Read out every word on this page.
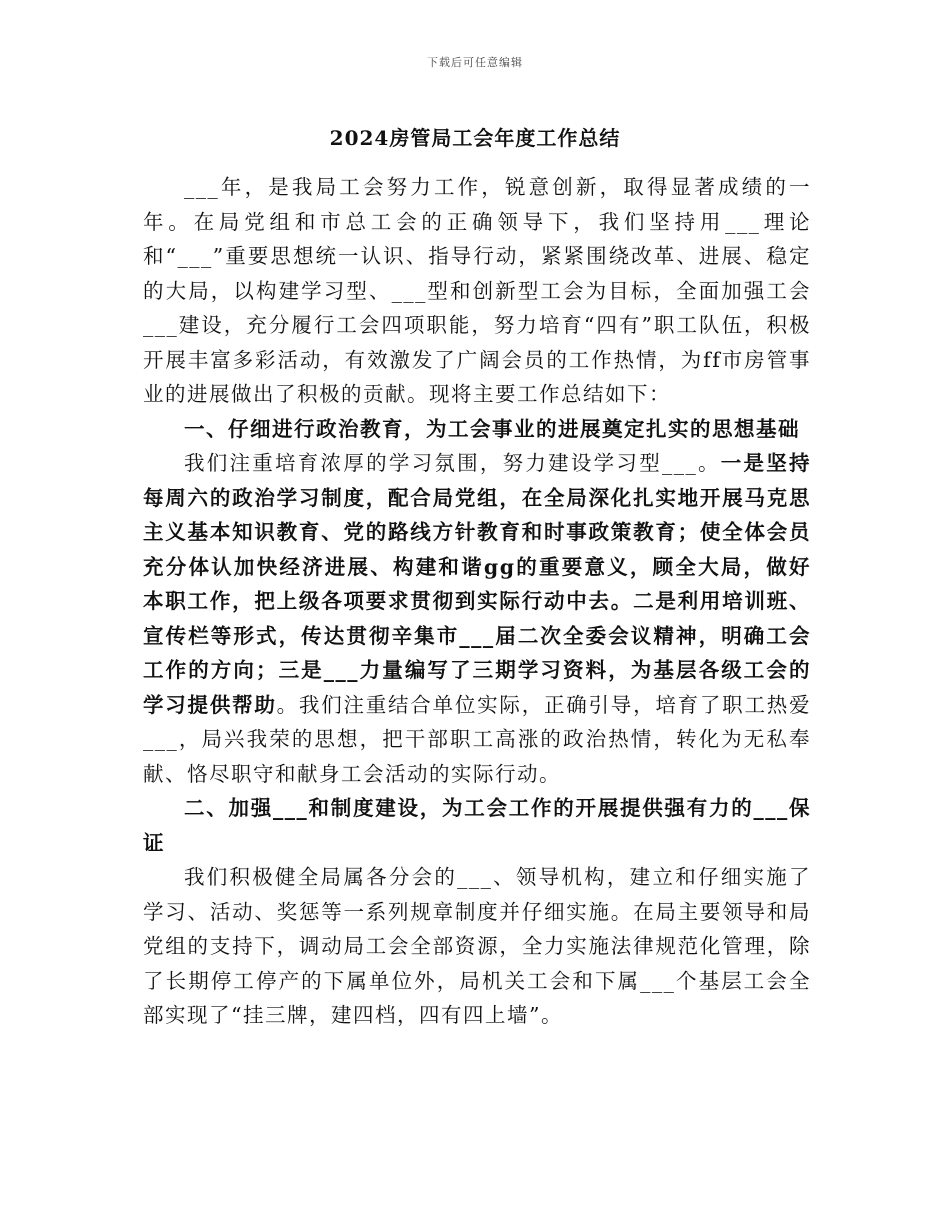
下载后可任意编辑
2024房管局工会年度工作总结

___年，是我局工会努力工作，锐意创新，取得显著成绩的一年。在局党组和市总工会的正确领导下，我们坚持用___理论和“___”重要思想统一认识、指导行动，紧紧围绕改革、进展、稳定的大局，以构建学习型、___型和创新型工会为目标，全面加强工会___建设，充分履行工会四项职能，努力培育“四有”职工队伍，积极开展丰富多彩活动，有效激发了广阔会员的工作热情，为ff市房管事业的进展做出了积极的贡献。现将主要工作总结如下：

一、仔细进行政治教育，为工会事业的进展奠定扎实的思想基础

我们注重培育浓厚的学习氛围，努力建设学习型___。一是坚持每周六的政治学习制度，配合局党组，在全局深化扎实地开展马克思主义基本知识教育、党的路线方针教育和时事政策教育；使全体会员充分体认加快经济进展、构建和谐gg的重要意义，顾全大局，做好本职工作，把上级各项要求贯彻到实际行动中去。二是利用培训班、宣传栏等形式，传达贯彻辛集市___届二次全委会议精神，明确工会工作的方向；三是___力量编写了三期学习资料，为基层各级工会的学习提供帮助。我们注重结合单位实际，正确引导，培育了职工热爱___，局兴我荣的思想，把干部职工高涨的政治热情，转化为无私奉献、恪尽职守和献身工会活动的实际行动。

二、加强___和制度建设，为工会工作的开展提供强有力的___保证

我们积极健全局属各分会的___、领导机构，建立和仔细实施了学习、活动、奖惩等一系列规章制度并仔细实施。在局主要领导和局党组的支持下，调动局工会全部资源，全力实施法律规范化管理，除了长期停工停产的下属单位外，局机关工会和下属___个基层工会全部实现了“挂三牌，建四档，四有四上墙”。
